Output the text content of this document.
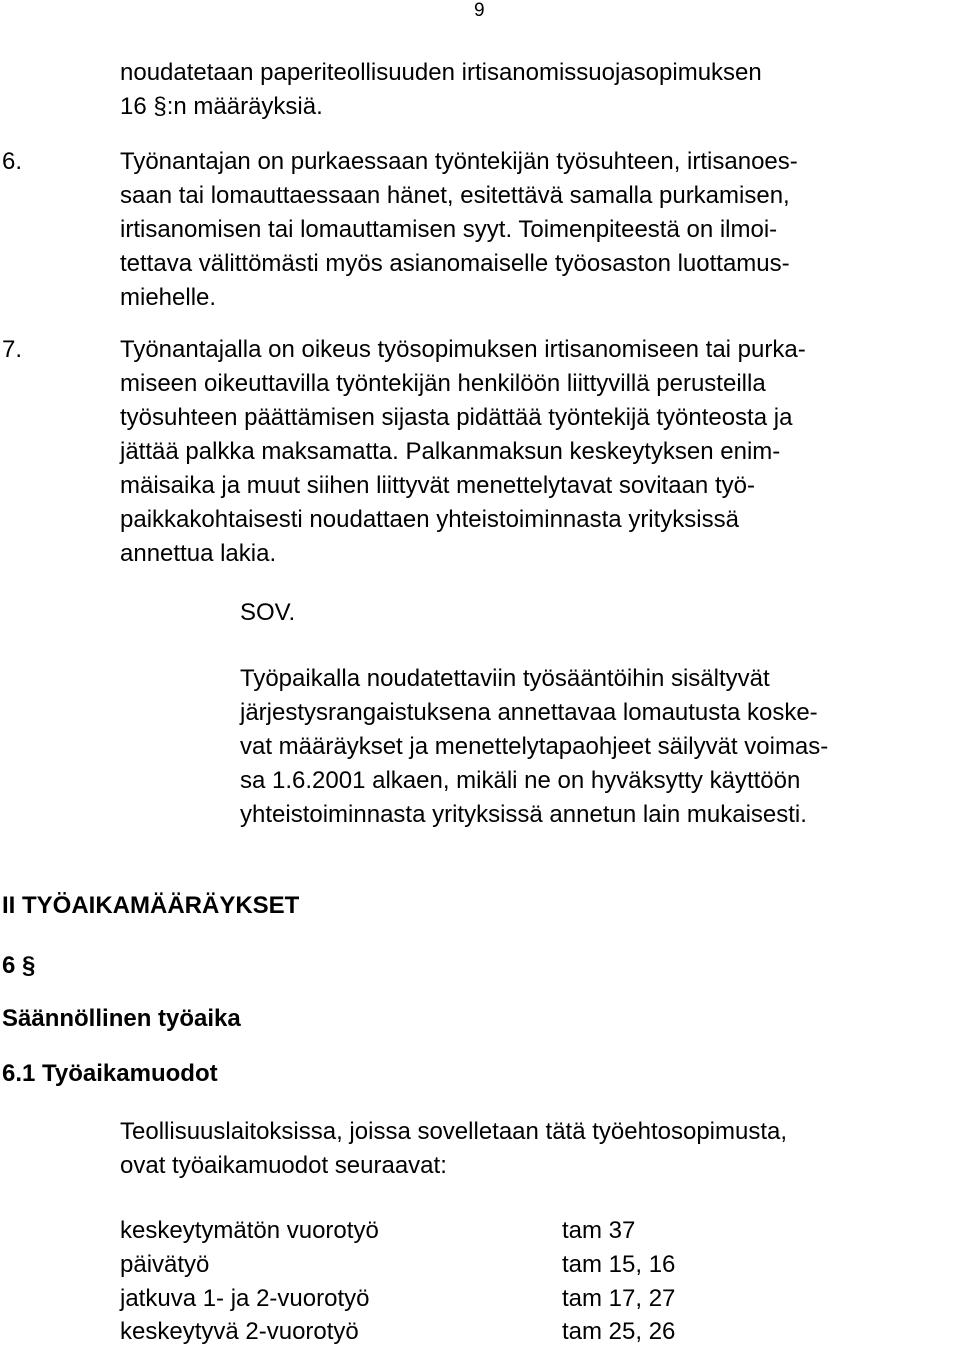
9
noudatetaan paperiteollisuuden irtisanomissuojasopimuksen
16 §:n määräyksiä.
6.	Työnantajan on purkaessaan työntekijän työsuhteen, irtisanoes-
saan tai lomauttaessaan hänet, esitettävä samalla purkamisen,
irtisanomisen tai lomauttamisen syyt. Toimenpiteestä on ilmoi-
tettava välittömästi myös asianomaiselle työosaston luottamus-
miehelle.
7.	Työnantajalla on oikeus työsopimuksen irtisanomiseen tai purka-
miseen oikeuttavilla työntekijän henkilöön liittyvillä perusteilla
työsuhteen päättämisen sijasta pidättää työntekijä työnteosta ja
jättää palkka maksamatta. Palkanmaksun keskeytyksen enim-
mäisaika ja muut siihen liittyvät menettelytavat sovitaan työ-
paikkakohtaisesti noudattaen yhteistoiminnasta yrityksissä
annettua lakia.
SOV.
Työpaikalla noudatettaviin työsääntöihin sisältyvät
järjestysrangaistuksena annettavaa lomautusta koske-
vat määräykset ja menettelytapaohjeet säilyvät voimas-
sa 1.6.2001 alkaen, mikäli ne on hyväksytty käyttöön
yhteistoiminnasta yrityksissä annetun lain mukaisesti.
II TYÖAIKAMÄÄRÄYKSET
6 §
Säännöllinen työaika
6.1 Työaikamuodot
Teollisuuslaitoksissa, joissa sovelletaan tätä työehtosopimusta,
ovat työaikamuodot seuraavat:
keskeytymätön vuorotyö	tam 37
päivätyö	tam 15, 16
jatkuva 1- ja 2-vuorotyö	tam 17, 27
keskeytyvä 2-vuorotyö	tam 25, 26
